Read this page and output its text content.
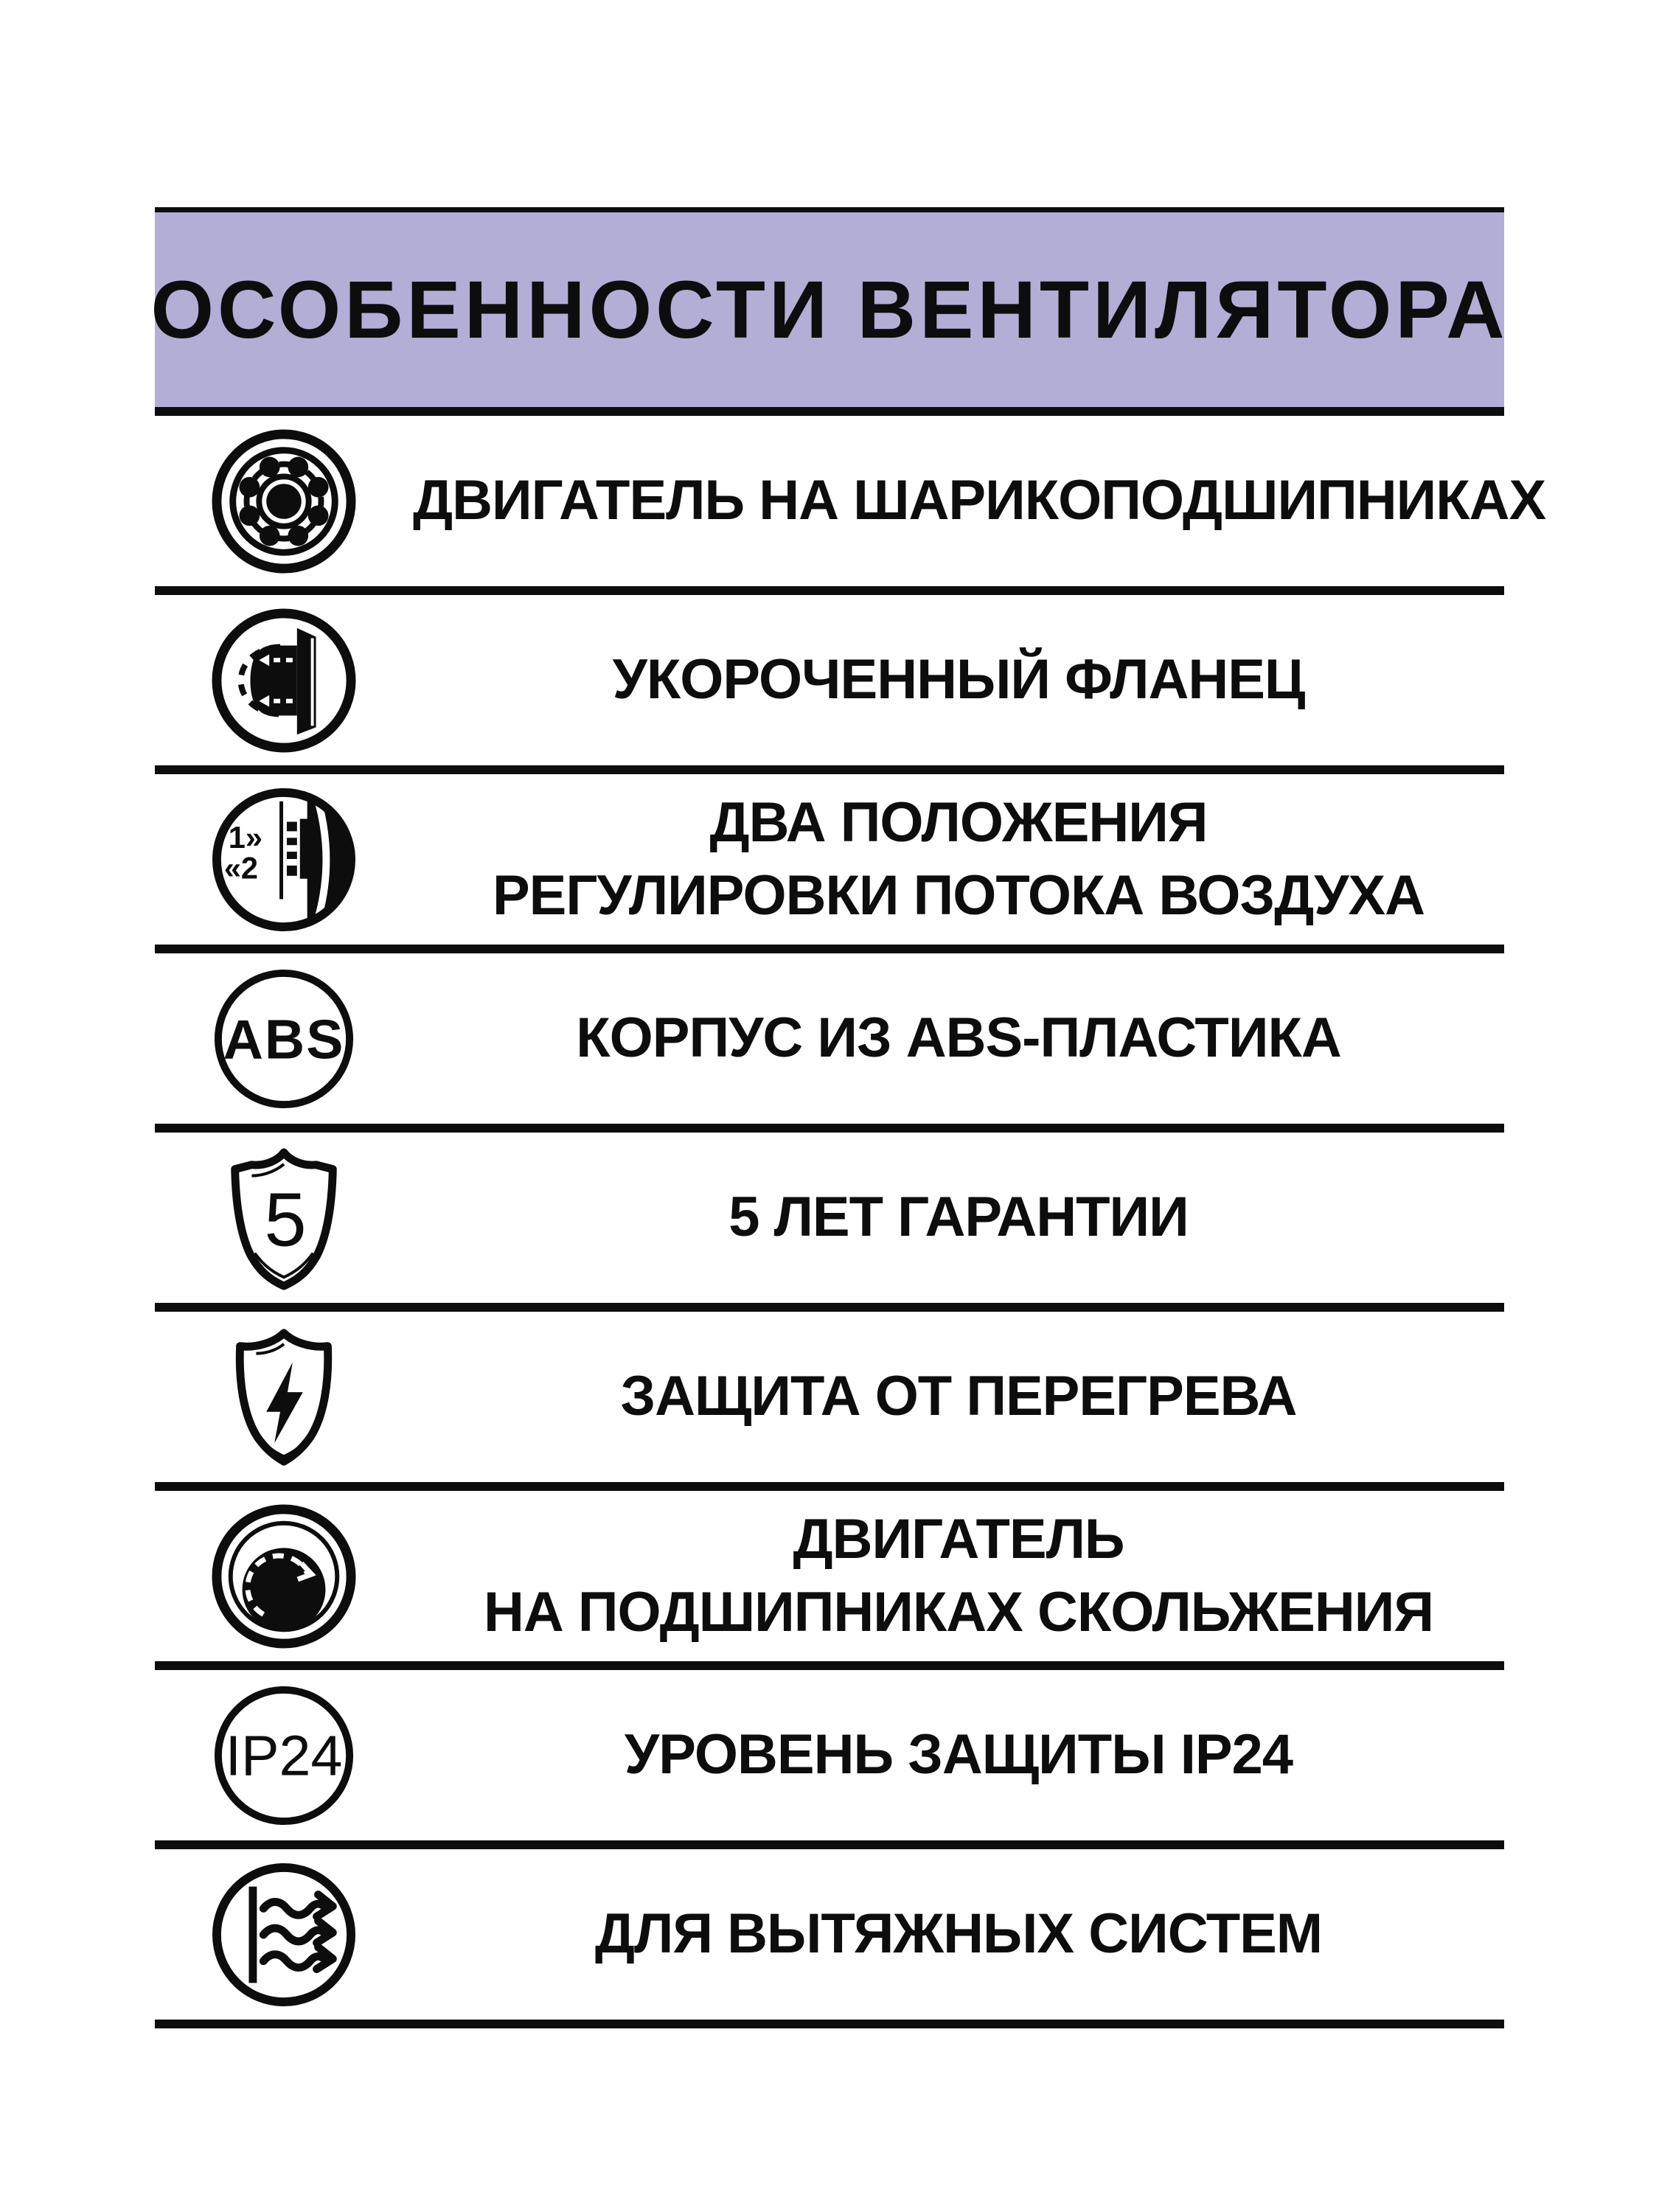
ОСОБЕННОСТИ ВЕНТИЛЯТОРА
ДВИГАТЕЛЬ НА ШАРИКОПОДШИПНИКАХ
УКОРОЧЕННЫЙ ФЛАНЕЦ
1»
«2
ДВА ПОЛОЖЕНИЯ
РЕГУЛИРОВКИ ПОТОКА ВОЗДУХА
ABS	КОРПУС ИЗ ABS-ПЛАСТИКА
5	5 ЛЕТ ГАРАНТИИ
ЗАЩИТА ОТ ПЕРЕГРЕВА
ДВИГАТЕЛЬ
НА ПОДШИПНИКАХ СКОЛЬЖЕНИЯ
IP24	УРОВЕНЬ ЗАЩИТЫ IP24
ДЛЯ ВЫТЯЖНЫХ СИСТЕМ
